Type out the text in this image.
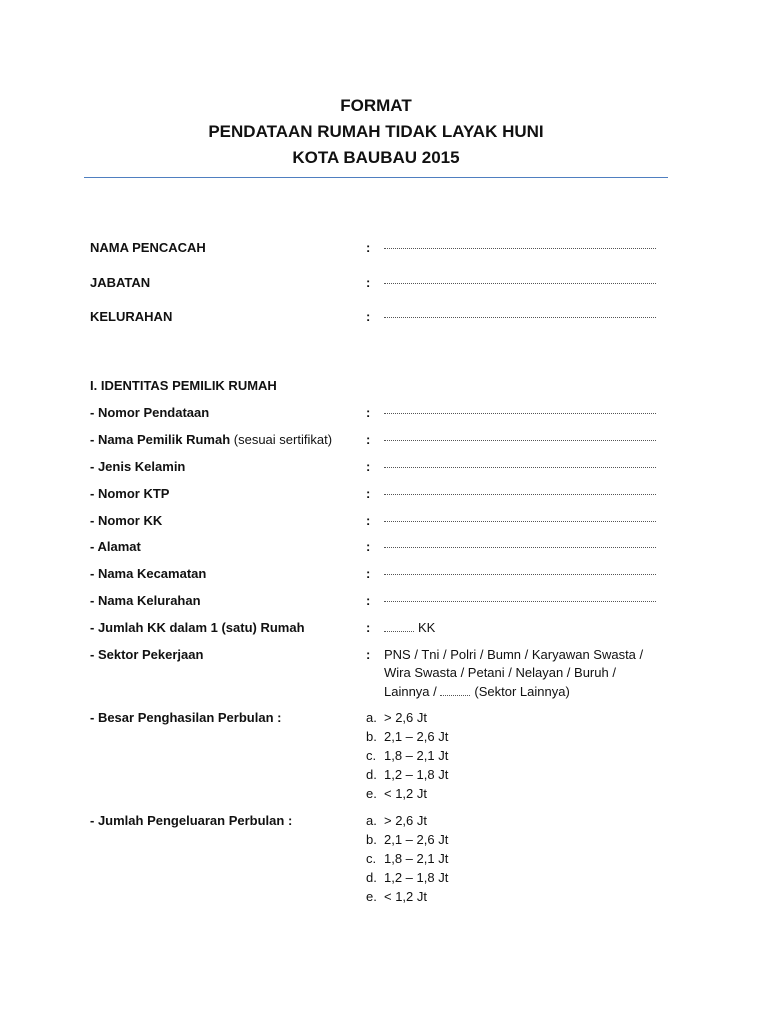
FORMAT
PENDATAAN RUMAH TIDAK LAYAK HUNI
KOTA BAUBAU 2015
NAMA PENCACAH	:
JABATAN	:
KELURAHAN	:
I. IDENTITAS PEMILIK RUMAH
- Nomor Pendataan	:
- Nama Pemilik Rumah (sesuai sertifikat)	:
- Jenis Kelamin	:
- Nomor KTP	:
- Nomor KK	:
- Alamat	:
- Nama Kecamatan	:
- Nama Kelurahan	:
- Jumlah KK dalam 1 (satu) Rumah	:	KK
- Sektor Pekerjaan	: PNS / Tni / Polri / Bumn / Karyawan Swasta /
Wira Swasta / Petani / Nelayan / Buruh /
Lainnya /	(Sektor Lainnya)
- Besar Penghasilan Perbulan :	a. > 2,6 Jt
b. 2,1 – 2,6 Jt
c. 1,8 – 2,1 Jt
d. 1,2 – 1,8 Jt
e. < 1,2 Jt
- Jumlah Pengeluaran Perbulan :	a. > 2,6 Jt
b. 2,1 – 2,6 Jt
c. 1,8 – 2,1 Jt
d. 1,2 – 1,8 Jt
e. < 1,2 Jt
